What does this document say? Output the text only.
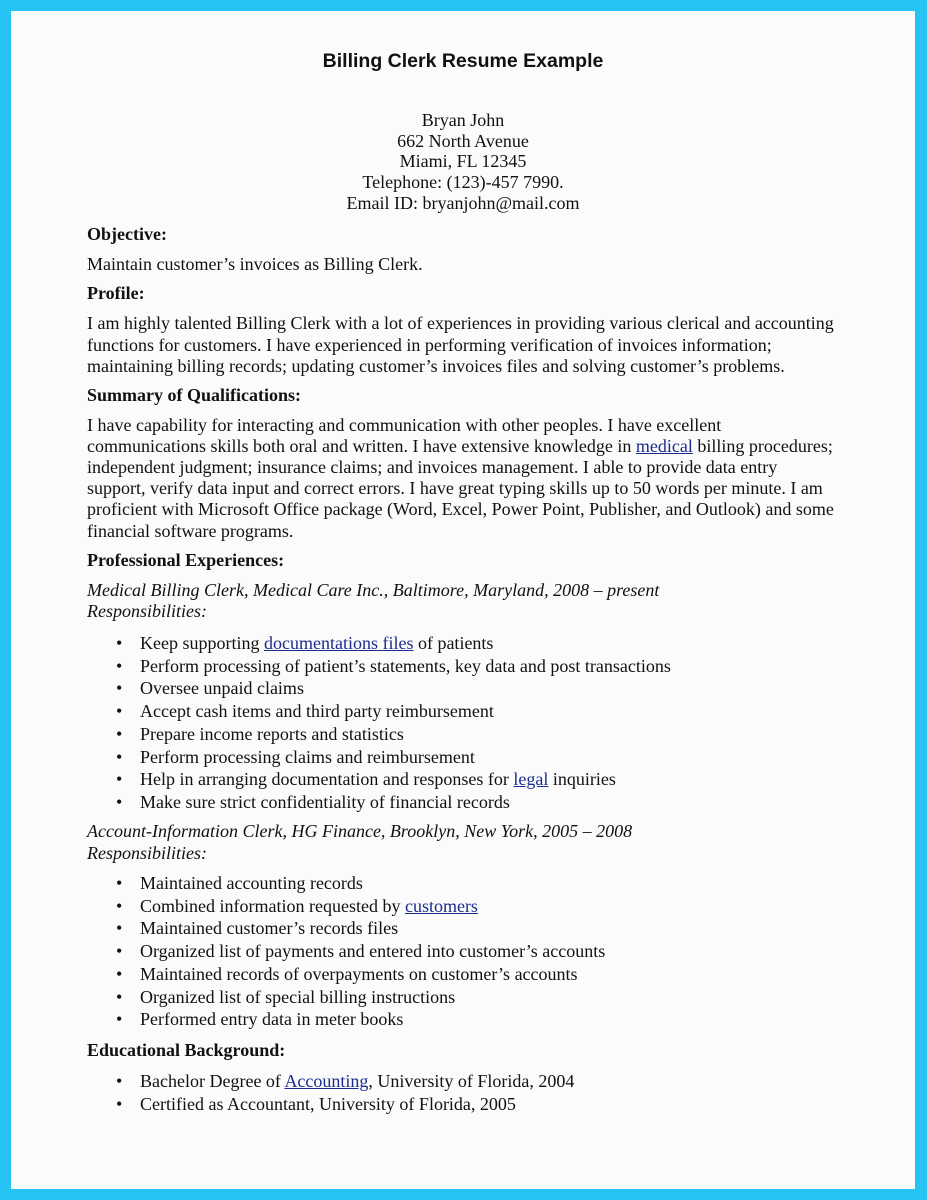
Billing Clerk Resume Example
Bryan John
662 North Avenue
Miami, FL 12345
Telephone: (123)-457 7990.
Email ID: bryanjohn@mail.com
Objective:
Maintain customer’s invoices as Billing Clerk.
Profile:
I am highly talented Billing Clerk with a lot of experiences in providing various clerical and accounting
functions for customers. I have experienced in performing verification of invoices information;
maintaining billing records; updating customer’s invoices files and solving customer’s problems.
Summary of Qualifications:
I have capability for interacting and communication with other peoples. I have excellent
communications skills both oral and written. I have extensive knowledge in medical billing procedures;
independent judgment; insurance claims; and invoices management. I able to provide data entry
support, verify data input and correct errors. I have great typing skills up to 50 words per minute. I am
proficient with Microsoft Office package (Word, Excel, Power Point, Publisher, and Outlook) and some
financial software programs.
Professional Experiences:
Medical Billing Clerk, Medical Care Inc., Baltimore, Maryland, 2008 – present
Responsibilities:
• Keep supporting documentations files of patients
• Perform processing of patient’s statements, key data and post transactions
• Oversee unpaid claims
• Accept cash items and third party reimbursement
• Prepare income reports and statistics
• Perform processing claims and reimbursement
• Help in arranging documentation and responses for legal inquiries
• Make sure strict confidentiality of financial records
Account-Information Clerk, HG Finance, Brooklyn, New York, 2005 – 2008
Responsibilities:
• Maintained accounting records
• Combined information requested by customers
• Maintained customer’s records files
• Organized list of payments and entered into customer’s accounts
• Maintained records of overpayments on customer’s accounts
• Organized list of special billing instructions
• Performed entry data in meter books
Educational Background:
• Bachelor Degree of Accounting, University of Florida, 2004
• Certified as Accountant, University of Florida, 2005
